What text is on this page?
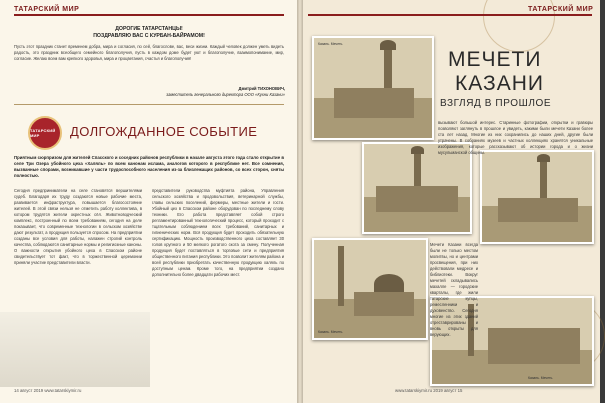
ТАТАРСКИЙ МИР
ДОРОГИЕ ТАТАРСТАНЦЫ!
ПОЗДРАВЛЯЮ ВАС С КУРБАН-БАЙРАМОМ!
Пусть этот праздник станет временем добра, мира и согласия, по сей, благослове, вас, веси жизни. Каждый человек должен уметь видеть радость, это праздник всеобщего семейного благополучия, пусть в каждом доме будет уют и благополучие, взаимопонимание, мир, согласие. Желаю всем вам крепкого здоровья, мира и процветания, счастья и благополучия!
Дмитрий ТИХОНОВИЧ,
заместитель генерального директора ООО «Кухни Казани»
ТАТАРСКИЙ МИР	ДОЛГОЖДАННОЕ СОБЫТИЕ
Приятным сюрпризом для жителей Спасского и соседних районов республики в начале августа этого года стало открытие в селе Три Озера убойного цеха «Халяль» по всем канонам ислама, аналогов которого в республике нет. Все сомнения, вызванные спорами, возникавшие у части трудоспособного населения из-за близлежащих районов, со всех сторон, сняты полностью.
Сегодня предприниматели на селе становятся вершителями судеб. Благодаря их труду создаются новые рабочие места, развивается инфраструктура, повышается благосостояние жителей. В этой связи нельзя не отметить работу коллектива, в котором трудятся жители окрестных сёл. Животноводческий комплекс, построенный по всем требованиям, сегодня на деле показывает, что современные технологии в сельском хозяйстве дают результат, а продукция пользуется спросом. На предприятии созданы все условия для работы, налажен строгий контроль качества, соблюдаются санитарные нормы и религиозные каноны. О важности открытия убойного цеха в Спасском районе свидетельствует тот факт, что в торжественной церемонии приняли участие представители власти.
представители руководства муфтията района, Управления сельского хозяйства и продовольствия, ветеринарной службы, главы сельских поселений, фермеры, местные жители и гости. Убойный цех в Спасском районе оборудован по последнему слову техники. Его работа представляет собой строго регламентированный технологический процесс, который проходит с тщательным соблюдением всех требований, санитарных и гигиенических норм. Вся продукция будет проходить обязательную сертификацию. Мощность производственного цеха составляет 30 голов крупного и 50 мелкого рогатого скота за смену. Полученная продукция будет поставляться в торговые сети и предприятия общественного питания республики. Это позволит жителям района и всей республики приобретать качественную продукцию халяль по доступным ценам. Кроме того, на предприятии создано дополнительно более двадцати рабочих мест.
14 август 2019 www.tatarskiymir.ru
ТАТАРСКИЙ МИР
Казань. Мечеть.
Казань. Мечеть.
Казань. Мечеть.
МЕЧЕТИ
КАЗАНИ
ВЗГЛЯД В ПРОШЛОЕ
вызывают большой интерес. Старинные фотографии, открытки и гравюры позволяют заглянуть в прошлое и увидеть, какими были мечети Казани более ста лет назад. Многие из них сохранились до наших дней, другие были утрачены. В собраниях музеев и частных коллекциях хранятся уникальные изображения, которые рассказывают об истории города и о жизни мусульманской общины.
Мечети Казани всегда были не только местом молитвы, но и центрами просвещения, при них действовали медресе и библиотеки. Вокруг мечетей складывались махалле — городские кварталы, где жили татарские купцы, ремесленники и духовенство. Сегодня многие из этих зданий отреставрированы и вновь открыты для верующих.
www.tatarskiymir.ru 2019 август 15
